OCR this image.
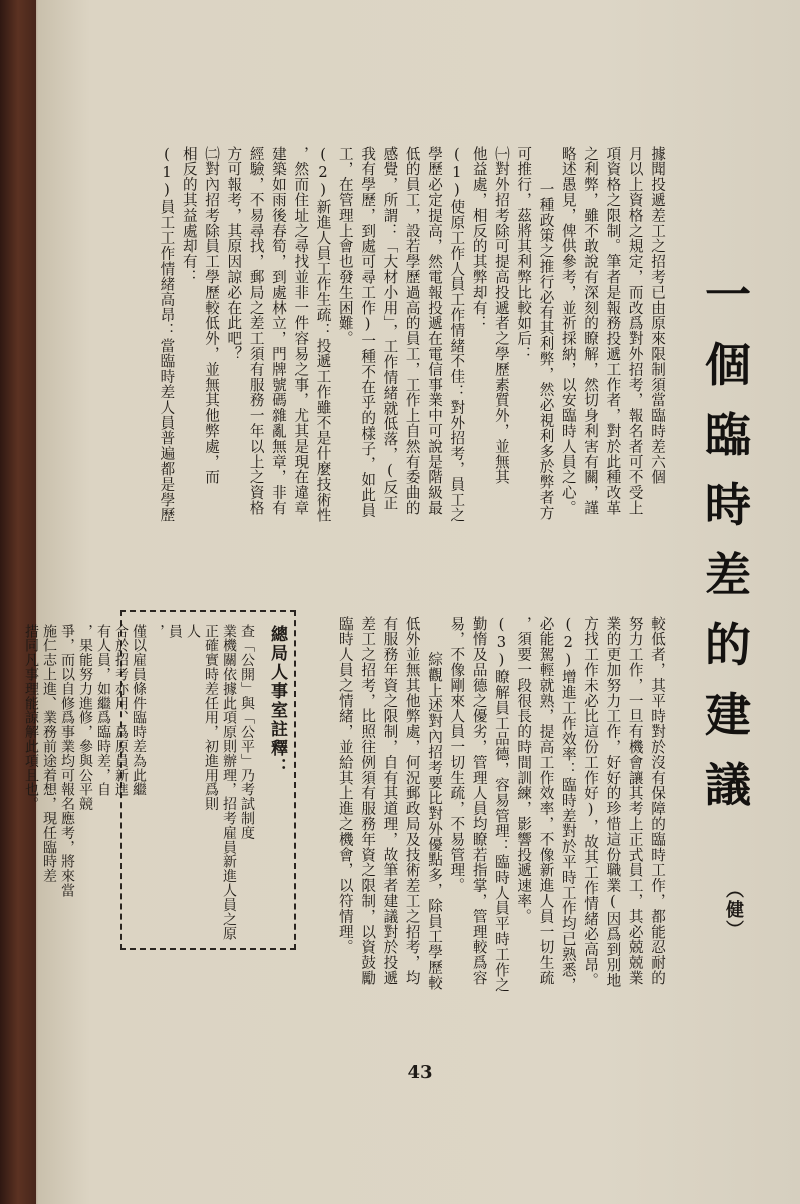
一
個
臨
時
差
的
建
議
（健）
據聞投遞差工之招考已由原來限制須當臨時差六個
月以上資格之規定，而改爲對外招考，報名者可不受上
項資格之限制。筆者是報務投遞工作者，對於此種改革
之利弊，雖不敢說有深刻的瞭解，然切身利害有關，謹
略述愚見，俾供參考，並祈採納，以安臨時人員之心。
一種政策之推行必有其利弊，然必視利多於弊者方
可推行，茲將其利弊比較如后：
㈠對外招考除可提高投遞者之學歷素質外，並無其
他益處，相反的其弊却有：
(1)使原工作人員工作情緒不佳：對外招考，員工之
學歷必定提高，然電報投遞在電信事業中可說是階級最
低的員工，設若學歷過高的員工，工作上自然有委曲的
感覺，所謂：「大材小用」，工作情緒就低落，(反正
我有學歷，到處可尋工作)一種不在乎的樣子，如此員
工，在管理上會也發生困難。
(2)新進人員工作生疏：投遞工作雖不是什麼技術性
，然而住址之尋找並非一件容易之事，尤其是現在違章
建築如雨後春筍，到處林立，門牌號碼雜亂無章，非有
經驗，不易尋找，郵局之差工須有服務一年以上之資格
方可報考，其原因諒必在此吧？
㈡對內招考除員工學歷較低外，並無其他弊處，而
相反的其益處却有：
(1)員工工作情緒高昂：當臨時差人員普遍都是學歷
較低者，其平時對於沒有保障的臨時工作，都能忍耐的
努力工作，一旦有機會讓其考上正式員工，其必兢兢業
業的更加努力工作，好好的珍惜這份職業(因爲到別地
方找工作未必比這份工作好)，故其工作情緒必高昂。
(2)增進工作效率：臨時差對於平時工作均已熟悉，
必能駕輕就熟，提高工作效率，不像新進人員一切生疏
，須要一段很長的時間訓練，影響投遞速率。
(3)瞭解員工品德，容易管理：臨時人員平時工作之
勤惰及品德之優劣，管理人員均瞭若指掌，管理較爲容
易，不像剛來人員一切生疏，不易管理。
綜觀上述對內招考要比對外優點多，除員工學歷較
低外並無其他弊處，何況郵政局及技術差工之招考，均
有服務年資之限制，自有其道理，故筆者建議對於投遞
差工之招考，比照往例須有服務年資之限制，以資鼓勵
臨時人員之情緒，並給其上進之機會，以符情理。
總局人事室註釋：
查「公開」與「公平」乃考試制度
業機關依據此項原則辦理，招考雇員新進人員之原
正確實時差任用，初進用爲則
人
員
，
僅以雇員條件臨時差為此繼
合於招考亦用、爲原員新進
有人員，如繼爲臨時差，自
，果能努力進修，參與公平競
爭，而以自修爲事業均可報名應考，將來當
施仁志上進、業務前途着想，現任臨時差
措同凡事理能諒解此項且也。
43
